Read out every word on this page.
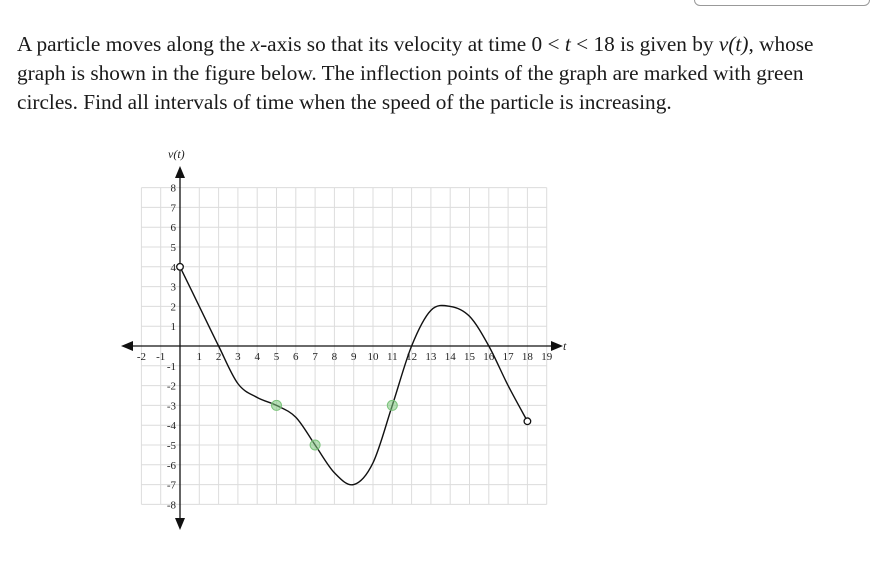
A particle moves along the x-axis so that its velocity at time 0 < t < 18 is given by v(t), whose graph is shown in the figure below. The inflection points of the graph are marked with green circles. Find all intervals of time when the speed of the particle is increasing.

-2 -1	1 2 3 4 5 6 7 8 9 10 11 12 13 14 15 16 17 18 19
8
7
6
5
4
3
2
1
-1
-2
-3
-4
-5
-6
-7
-8
v(t)
t
